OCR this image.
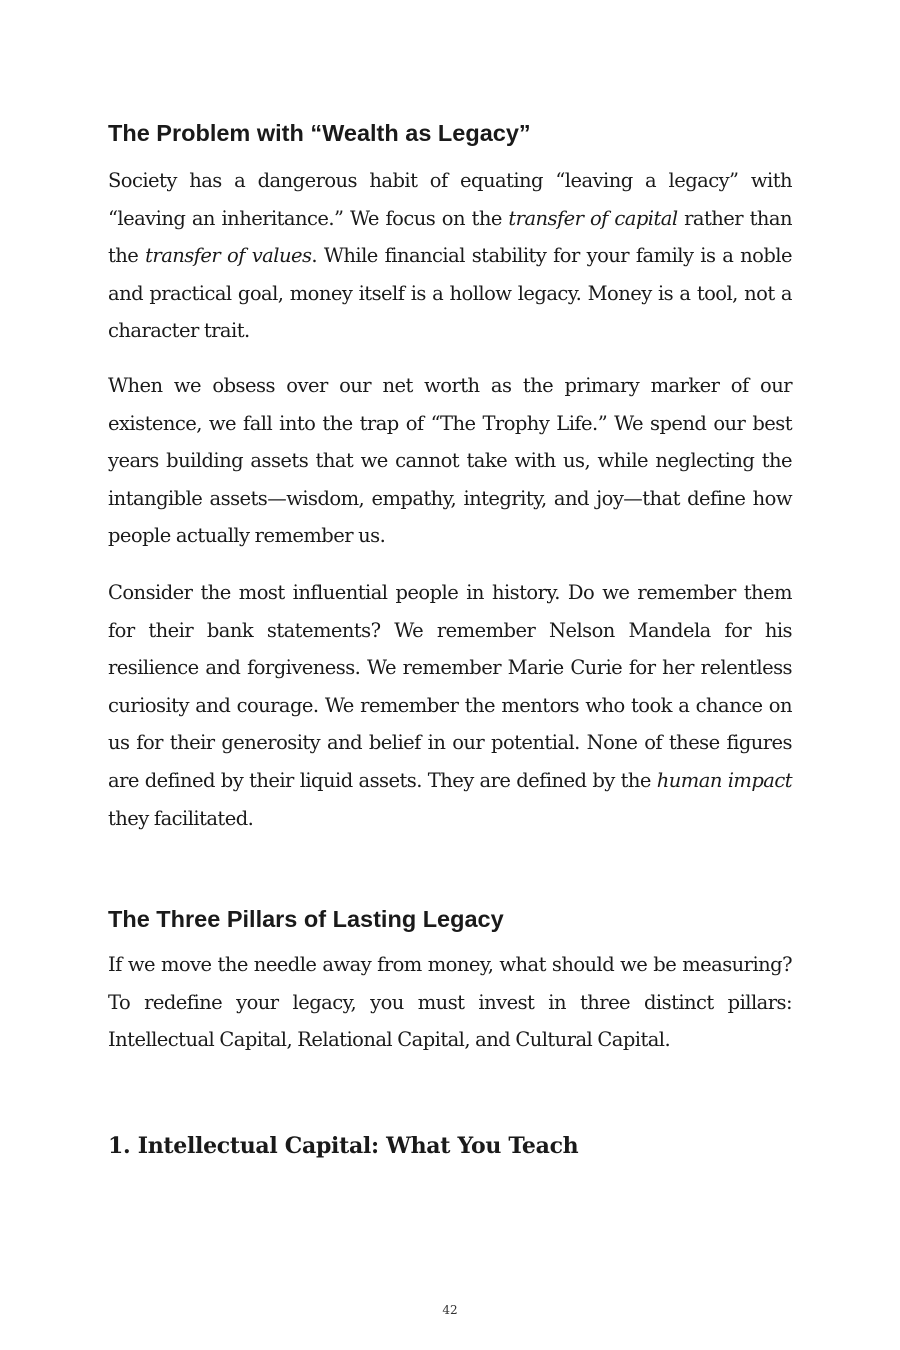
The Problem with “Wealth as Legacy”

Society has a dangerous habit of equating “leaving a legacy” with “leaving an inheritance.” We focus on the transfer of capital rather than the transfer of values. While financial stability for your family is a noble and practical goal, money itself is a hollow legacy. Money is a tool, not a character trait.

When we obsess over our net worth as the primary marker of our existence, we fall into the trap of “The Trophy Life.” We spend our best years building assets that we cannot take with us, while neglecting the intangible assets—wisdom, empathy, integrity, and joy—that define how people actually remember us.

Consider the most influential people in history. Do we remember them for their bank statements? We remember Nelson Mandela for his resilience and forgiveness. We remember Marie Curie for her relentless curiosity and courage. We remember the mentors who took a chance on us for their generosity and belief in our potential. None of these figures are defined by their liquid assets. They are defined by the human impact they facilitated.

The Three Pillars of Lasting Legacy

If we move the needle away from money, what should we be measuring? To redefine your legacy, you must invest in three distinct pillars: Intellectual Capital, Relational Capital, and Cultural Capital.

1. Intellectual Capital: What You Teach
42
